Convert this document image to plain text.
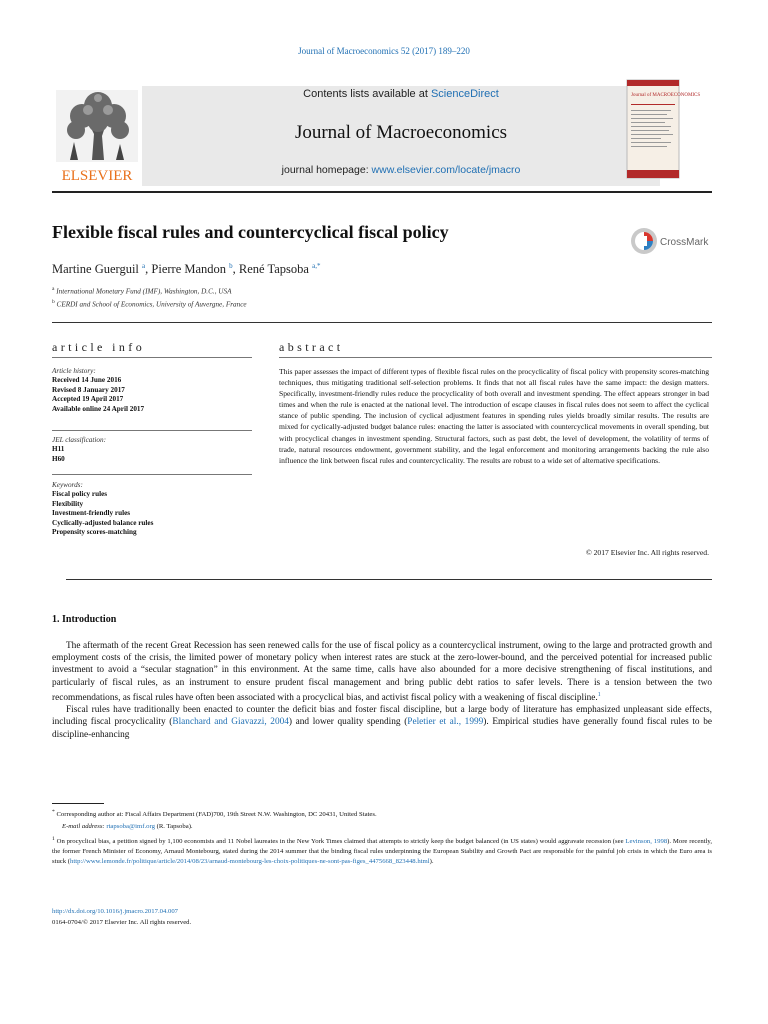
Journal of Macroeconomics 52 (2017) 189–220
ELSEVIER
Contents lists available at ScienceDirect
Journal of Macroeconomics
journal homepage: www.elsevier.com/locate/jmacro
Journal of MACROECONOMICS
Flexible fiscal rules and countercyclical fiscal policy
CrossMark
Martine Guerguil $^a$, Pierre Mandon $^b$, René Tapsoba $^{a,*}$
$^a$ International Monetary Fund (IMF), Washington, D.C., USA
$^b$ CERDI and School of Economics, University of Auvergne, France
article info	abstract
Article history:
Received 14 June 2016
Revised 8 January 2017
Accepted 19 April 2017
Available online 24 April 2017
JEL classification:
H11
H60
Keywords:
Fiscal policy rules
Flexibility
Investment-friendly rules
Cyclically-adjusted balance rules
Propensity scores-matching
This paper assesses the impact of different types of flexible fiscal rules on the procyclicality of fiscal policy with propensity scores-matching techniques, thus mitigating traditional self-selection problems. It finds that not all fiscal rules have the same impact: the design matters. Specifically, investment-friendly rules reduce the procyclicality of both overall and investment spending. The effect appears stronger in bad times and when the rule is enacted at the national level. The introduction of escape clauses in fiscal rules does not seem to affect the cyclical stance of public spending. The inclusion of cyclical adjustment features in spending rules yields broadly similar results. The results are mixed for cyclically-adjusted budget balance rules: enacting the latter is associated with countercyclical movements in overall spending, but with procyclical changes in investment spending. Structural factors, such as past debt, the level of development, the volatility of terms of trade, natural resources endowment, government stability, and the legal enforcement and monitoring arrangements backing the rule also influence the link between fiscal rules and countercyclicality. The results are robust to a wide set of alternative specifications.
© 2017 Elsevier Inc. All rights reserved.
1. Introduction

The aftermath of the recent Great Recession has seen renewed calls for the use of fiscal policy as a countercyclical instrument, owing to the large and protracted growth and employment costs of the crisis, the limited power of monetary policy when interest rates are stuck at the zero-lower-bound, and the perceived potential for increased public investment to avoid a “secular stagnation” in this environment. At the same time, calls have also abounded for a more decisive strengthening of fiscal institutions, and particularly of fiscal rules, as an instrument to ensure prudent fiscal management and bring public debt ratios to safer levels. There is a tension between the two recommendations, as fiscal rules have often been associated with a procyclical bias, and activist fiscal policy with a weakening of fiscal discipline.$^1$

Fiscal rules have traditionally been enacted to counter the deficit bias and foster fiscal discipline, but a large body of literature has emphasized unpleasant side effects, including fiscal procyclicality (Blanchard and Giavazzi, 2004) and lower quality spending (Peletier et al., 1999). Empirical studies have generally found fiscal rules to be discipline-enhancing

* Corresponding author at: Fiscal Affairs Department (FAD)700, 19th Street N.W. Washington, DC 20431, United States.

E-mail address: rtapsoba@imf.org (R. Tapsoba).

$^1$ On procyclical bias, a petition signed by 1,100 economists and 11 Nobel laureates in the New York Times claimed that attempts to strictly keep the budget balanced (in US states) would aggravate recession (see Levinson, 1998). More recently, the former French Minister of Economy, Arnaud Montebourg, stated during the 2014 summer that the binding fiscal rules underpinning the European Stability and Growth Pact are responsible for the painful job crisis in which the Euro area is stuck (http://www.lemonde.fr/politique/article/2014/08/23/arnaud-montebourg-les-choix-politiques-ne-sont-pas-figes_4475668_823448.html).

http://dx.doi.org/10.1016/j.jmacro.2017.04.007
0164-0704/© 2017 Elsevier Inc. All rights reserved.
